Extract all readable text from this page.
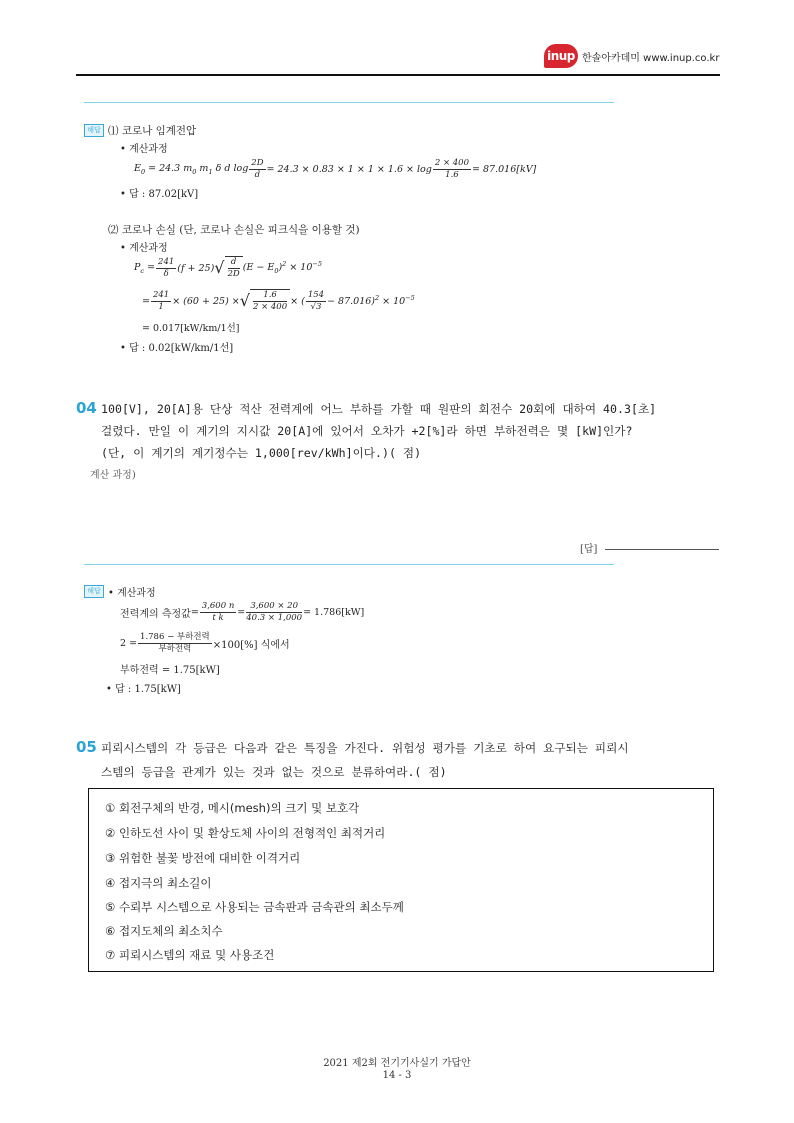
inup 한솔아카데미 www.inup.co.kr
해답 ⑴ 코로나 임계전압
• 계산과정
$E_0 = 24.3$ $m_0$ $m_1$ δ d $\log \frac{2D}{d} = 24.3 \times 0.83 \times 1 \times 1 \times 1.6 \times \log \frac{2 \times 400}{1.6} = 87.016[kV]$
• 답 : 87.02[kV]
⑵ 코로나 손실 (단, 코로나 손실은 피크식을 이용할 것)
• 계산과정
$P_c = \frac{241}{\delta} (f + 25)$ √ $\frac{d}{2D} (E - E_0)^2 \times 10^{-5}$
= $\frac{241}{1} \times (60 + 25)$ × √ $\frac{1.6}{2 \times 400}$ × ( $\frac{154}{√3} - 87.016)^2 \times 10^{-5}$
= 0.017[kW/km/1선]
• 답 : 0.02[kW/km/1선]
04 100[V], 20[A]용 단상 적산 전력계에 어느 부하를 가할 때 원판의 회전수 20회에 대하여 40.3[초]
걸렸다. 만일 이 계기의 지시값 20[A]에 있어서 오차가 +2[%]라 하면 부하전력은 몇 [kW]인가?
(단, 이 계기의 계기정수는 1,000[rev/kWh]이다.)( 점)
계산 과정)
[답]
해답 • 계산과정
전력계의 측정값 = $\frac{3,600 n}{\text{t k}} = \frac{3,600 \times 20}{40.3 \times 1,000} = 1.786[kW]$
$2 = \frac{\text{1.786 − 부하전력}}{\text{부하전력}} \times 100[\%]$ 식에서
부하전력 = 1.75[kW]
• 답 : 1.75[kW]
05 피뢰시스템의 각 등급은 다음과 같은 특징을 가진다. 위험성 평가를 기초로 하여 요구되는 피뢰시
스템의 등급을 관계가 있는 것과 없는 것으로 분류하여라.( 점)
① 회전구체의 반경, 메시(mesh)의 크기 및 보호각
② 인하도선 사이 및 환상도체 사이의 전형적인 최적거리
③ 위험한 불꽃 방전에 대비한 이격거리
④ 접지극의 최소길이
⑤ 수뢰부 시스템으로 사용되는 금속판과 금속관의 최소두께
⑥ 접지도체의 최소치수
⑦ 피뢰시스템의 재료 및 사용조건
2021 제2회 전기기사실기 가답안
14 - 3
